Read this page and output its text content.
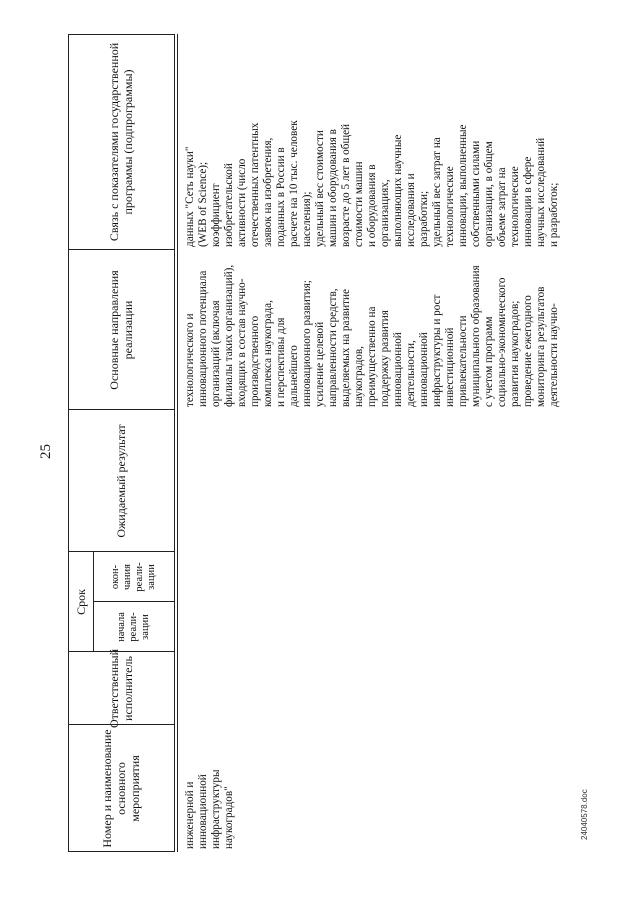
25
24040578.doc
Номер и наименование основного мероприятия
Ответственный исполнитель
Срок
начала реали-зации
окон-чания реали-зации
Ожидаемый результат
Основные направления реализации
Связь с показателями государственной программы (подпрограммы)
инженерной и
инновационной
инфраструктуры
наукоградов"
технологического и
инновационного потенциала
организаций (включая
филиалы таких организаций),
входящих в состав научно-
производственного
комплекса наукограда,
и перспективы для
дальнейшего
инновационного развития;
усиление целевой
направленности средств,
выделяемых на развитие
наукоградов,
преимущественно на
поддержку развития
инновационной
деятельности,
инновационной
инфраструктуры и рост
инвестиционной
привлекательности
муниципального образования
с учетом программ
социально-экономического
развития наукоградов;
проведение ежегодного
мониторинга результатов
деятельности научно-
данных "Сеть науки"
(WEB of Science);
коэффициент
изобретательской
активности (число
отечественных патентных
заявок на изобретения,
поданных в России в
расчете на 10 тыс. человек
населения);
удельный вес стоимости
машин и оборудования в
возрасте до 5 лет в общей
стоимости машин
и оборудования в
организациях,
выполняющих научные
исследования и
разработки;
удельный вес затрат на
технологические
инновации, выполненные
собственными силами
организации, в общем
объеме затрат на
технологические
инновации в сфере
научных исследований
и разработок;
